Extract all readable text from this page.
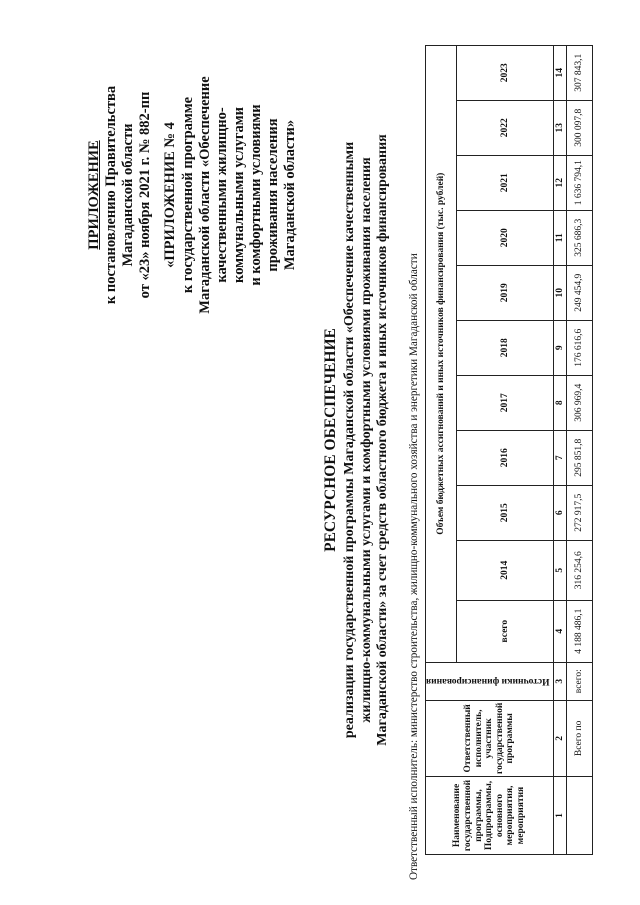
ПРИЛОЖЕНИЕ к постановлению Правительства Магаданской области от «23» ноября 2021 г. № 882-пп «ПРИЛОЖЕНИЕ № 4 к государственной программе Магаданской области «Обеспечение качественными жилищно- коммунальными услугами и комфортными условиями проживания населения Магаданской области»
РЕСУРСНОЕ ОБЕСПЕЧЕНИЕ реализации государственной программы Магаданской области «Обеспечение качественными жилищно-коммунальными услугами и комфортными условиями проживания населения Магаданской области» за счет средств областного бюджета и иных источников финансирования Ответственный исполнитель: министерство строительства, жилищно-коммунального хозяйства и энергетики Магаданской области	Наименование государственной программы, Подпрограммы, основного мероприятия, мероприятия	Ответственный исполнитель, участник государственной программы	Источники финансирования	Объем бюджетных ассигнований и иных источников финансирования (тыс. рублей)										
			всего	2014	2015	2016	2017	2018	2019	2020	2021	2022	2023
1	2	3	4	5	6	7	8	9	10	11	12	13	14
	Всего по	всего:	4 188 486,1	316 254,6	272 917,5	295 851,8	306 969,4	176 616,6	249 454,9	325 686,3	1 636 794,1	300 097,8	307 843,1
